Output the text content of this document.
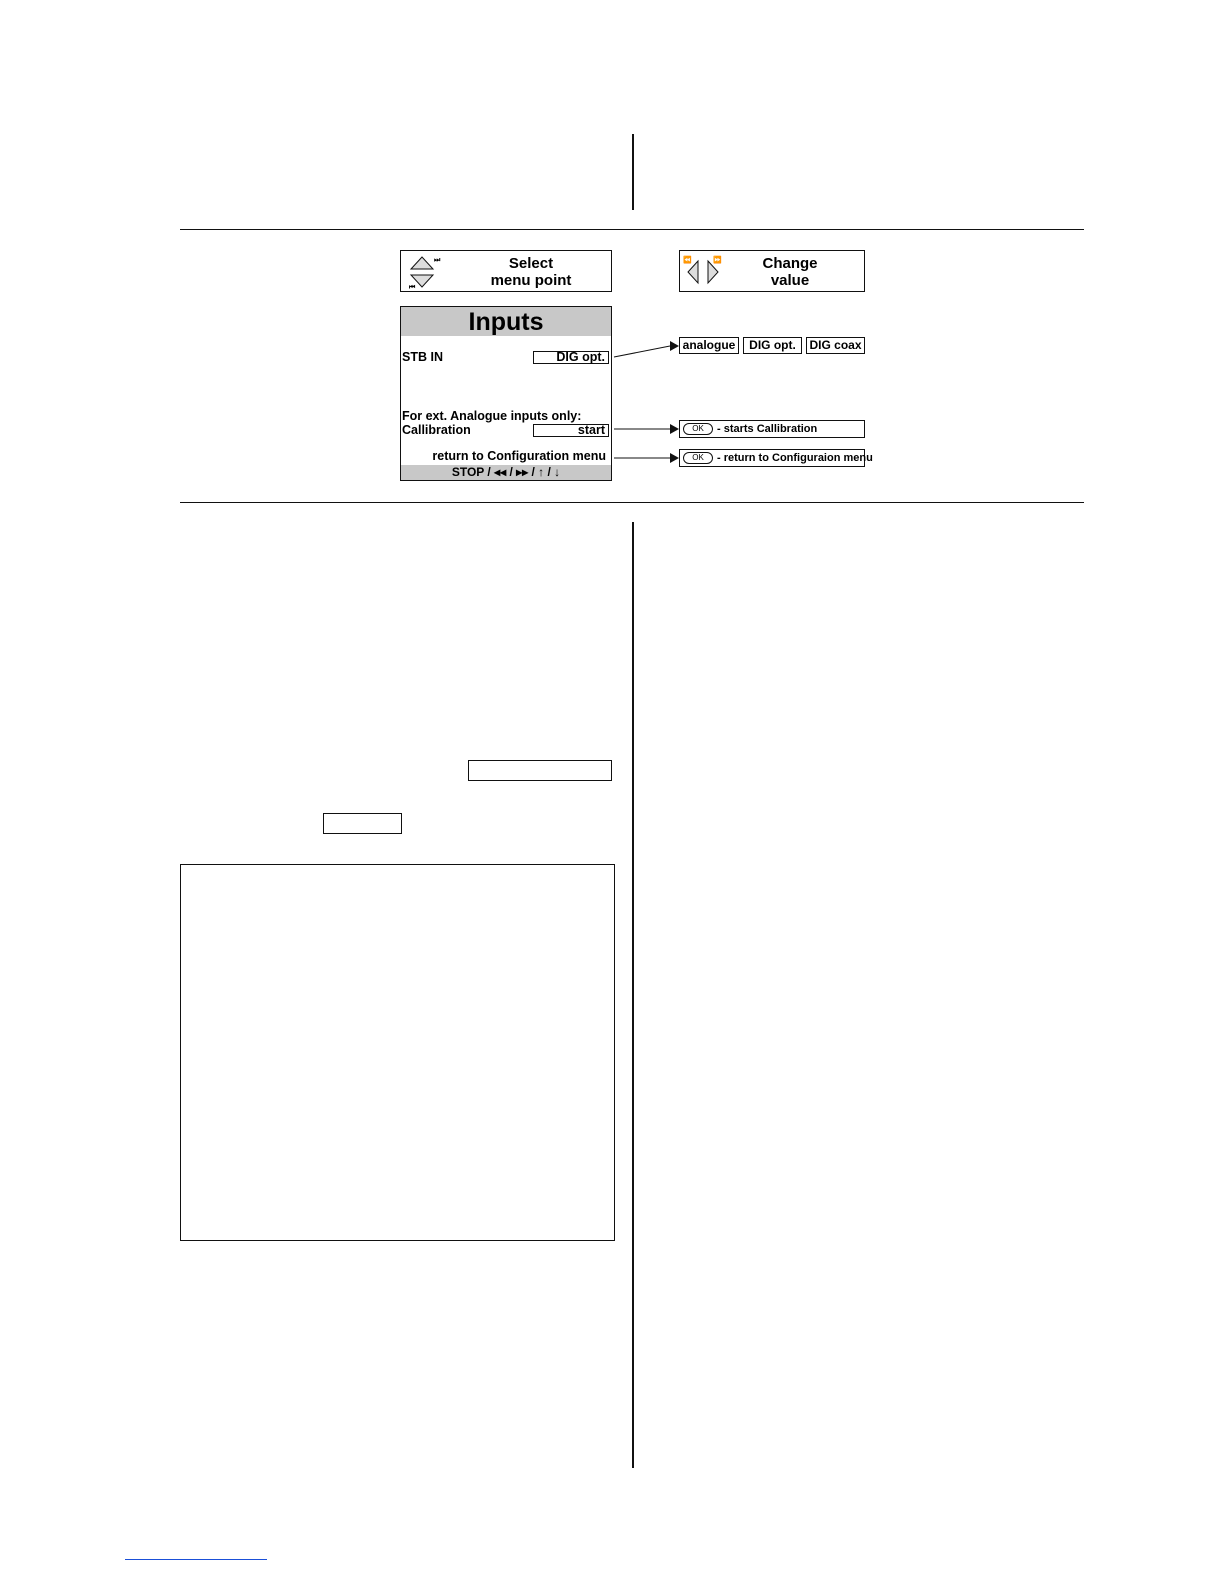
⏭
⏮
Select
menu point
⏪	⏩	Change
value
Inputs
STB IN	DIG opt.
For ext. Analogue inputs only:
Callibration	start
return to Configuration menu
STOP / ◂◂ / ▸▸ / ↑ / ↓
analogue	DIG opt.	DIG coax
OK - starts Callibration
OK - return to Configuraion menu
